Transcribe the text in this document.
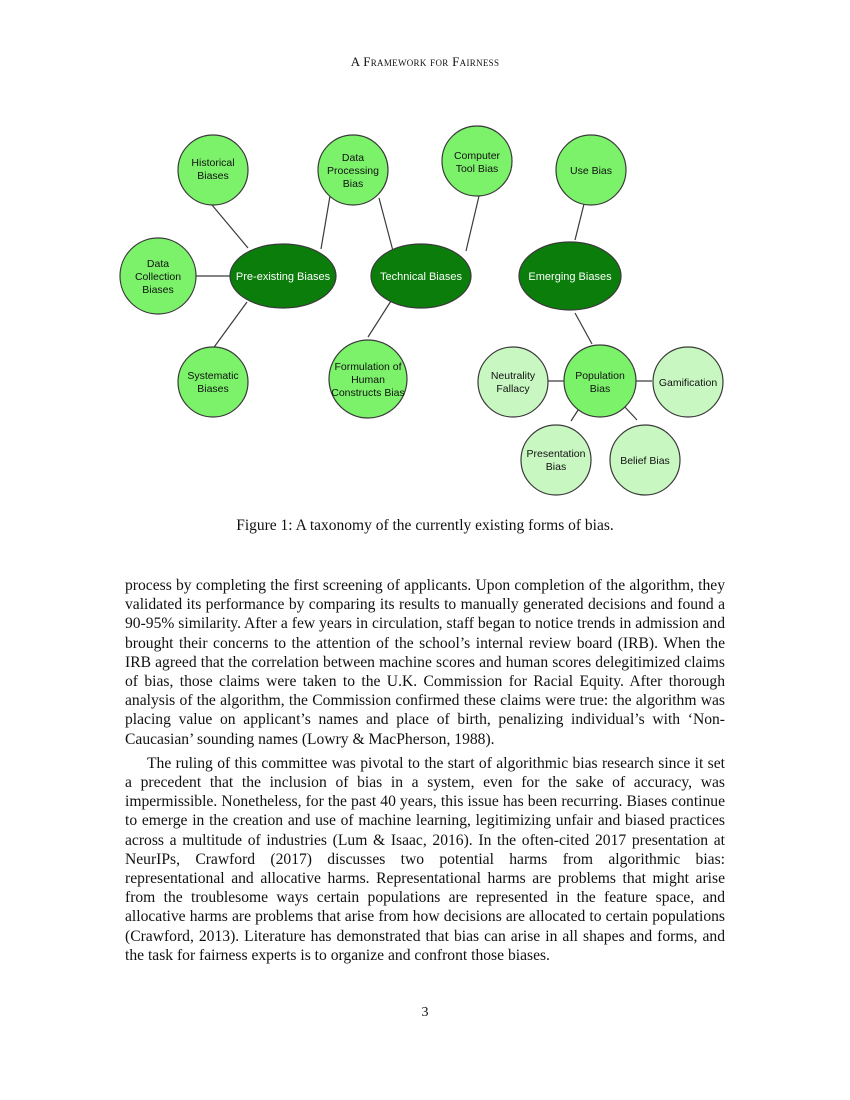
A Framework for Fairness
Pre-existing Biases	Technical Biases	Emerging Biases
Historical
Biases
Data
Processing
Bias
Computer
Tool Bias	Use Bias
Data
Collection
Biases
Systematic
Biases
Formulation of
Human
Constructs Bias
Population
Bias
Neutrality
Fallacy	Gamification
Presentation
Bias	Belief Bias
Figure 1: A taxonomy of the currently existing forms of bias.

process by completing the first screening of applicants. Upon completion of the algorithm, they validated its performance by comparing its results to manually generated decisions and found a 90-95% similarity. After a few years in circulation, staff began to notice trends in admission and brought their concerns to the attention of the school’s internal review board (IRB). When the IRB agreed that the correlation between machine scores and human scores delegitimized claims of bias, those claims were taken to the U.K. Commission for Racial Equity. After thorough analysis of the algorithm, the Commission confirmed these claims were true: the algorithm was placing value on applicant’s names and place of birth, penalizing individual’s with ‘Non-Caucasian’ sounding names (Lowry & MacPherson, 1988).

The ruling of this committee was pivotal to the start of algorithmic bias research since it set a precedent that the inclusion of bias in a system, even for the sake of accuracy, was impermissible. Nonetheless, for the past 40 years, this issue has been recurring. Biases continue to emerge in the creation and use of machine learning, legitimizing unfair and biased practices across a multitude of industries (Lum & Isaac, 2016). In the often-cited 2017 presentation at NeurIPs, Crawford (2017) discusses two potential harms from algorithmic bias: representational and allocative harms. Representational harms are problems that might arise from the troublesome ways certain populations are represented in the feature space, and allocative harms are problems that arise from how decisions are allocated to certain populations (Crawford, 2013). Literature has demonstrated that bias can arise in all shapes and forms, and the task for fairness experts is to organize and confront those biases.

3
